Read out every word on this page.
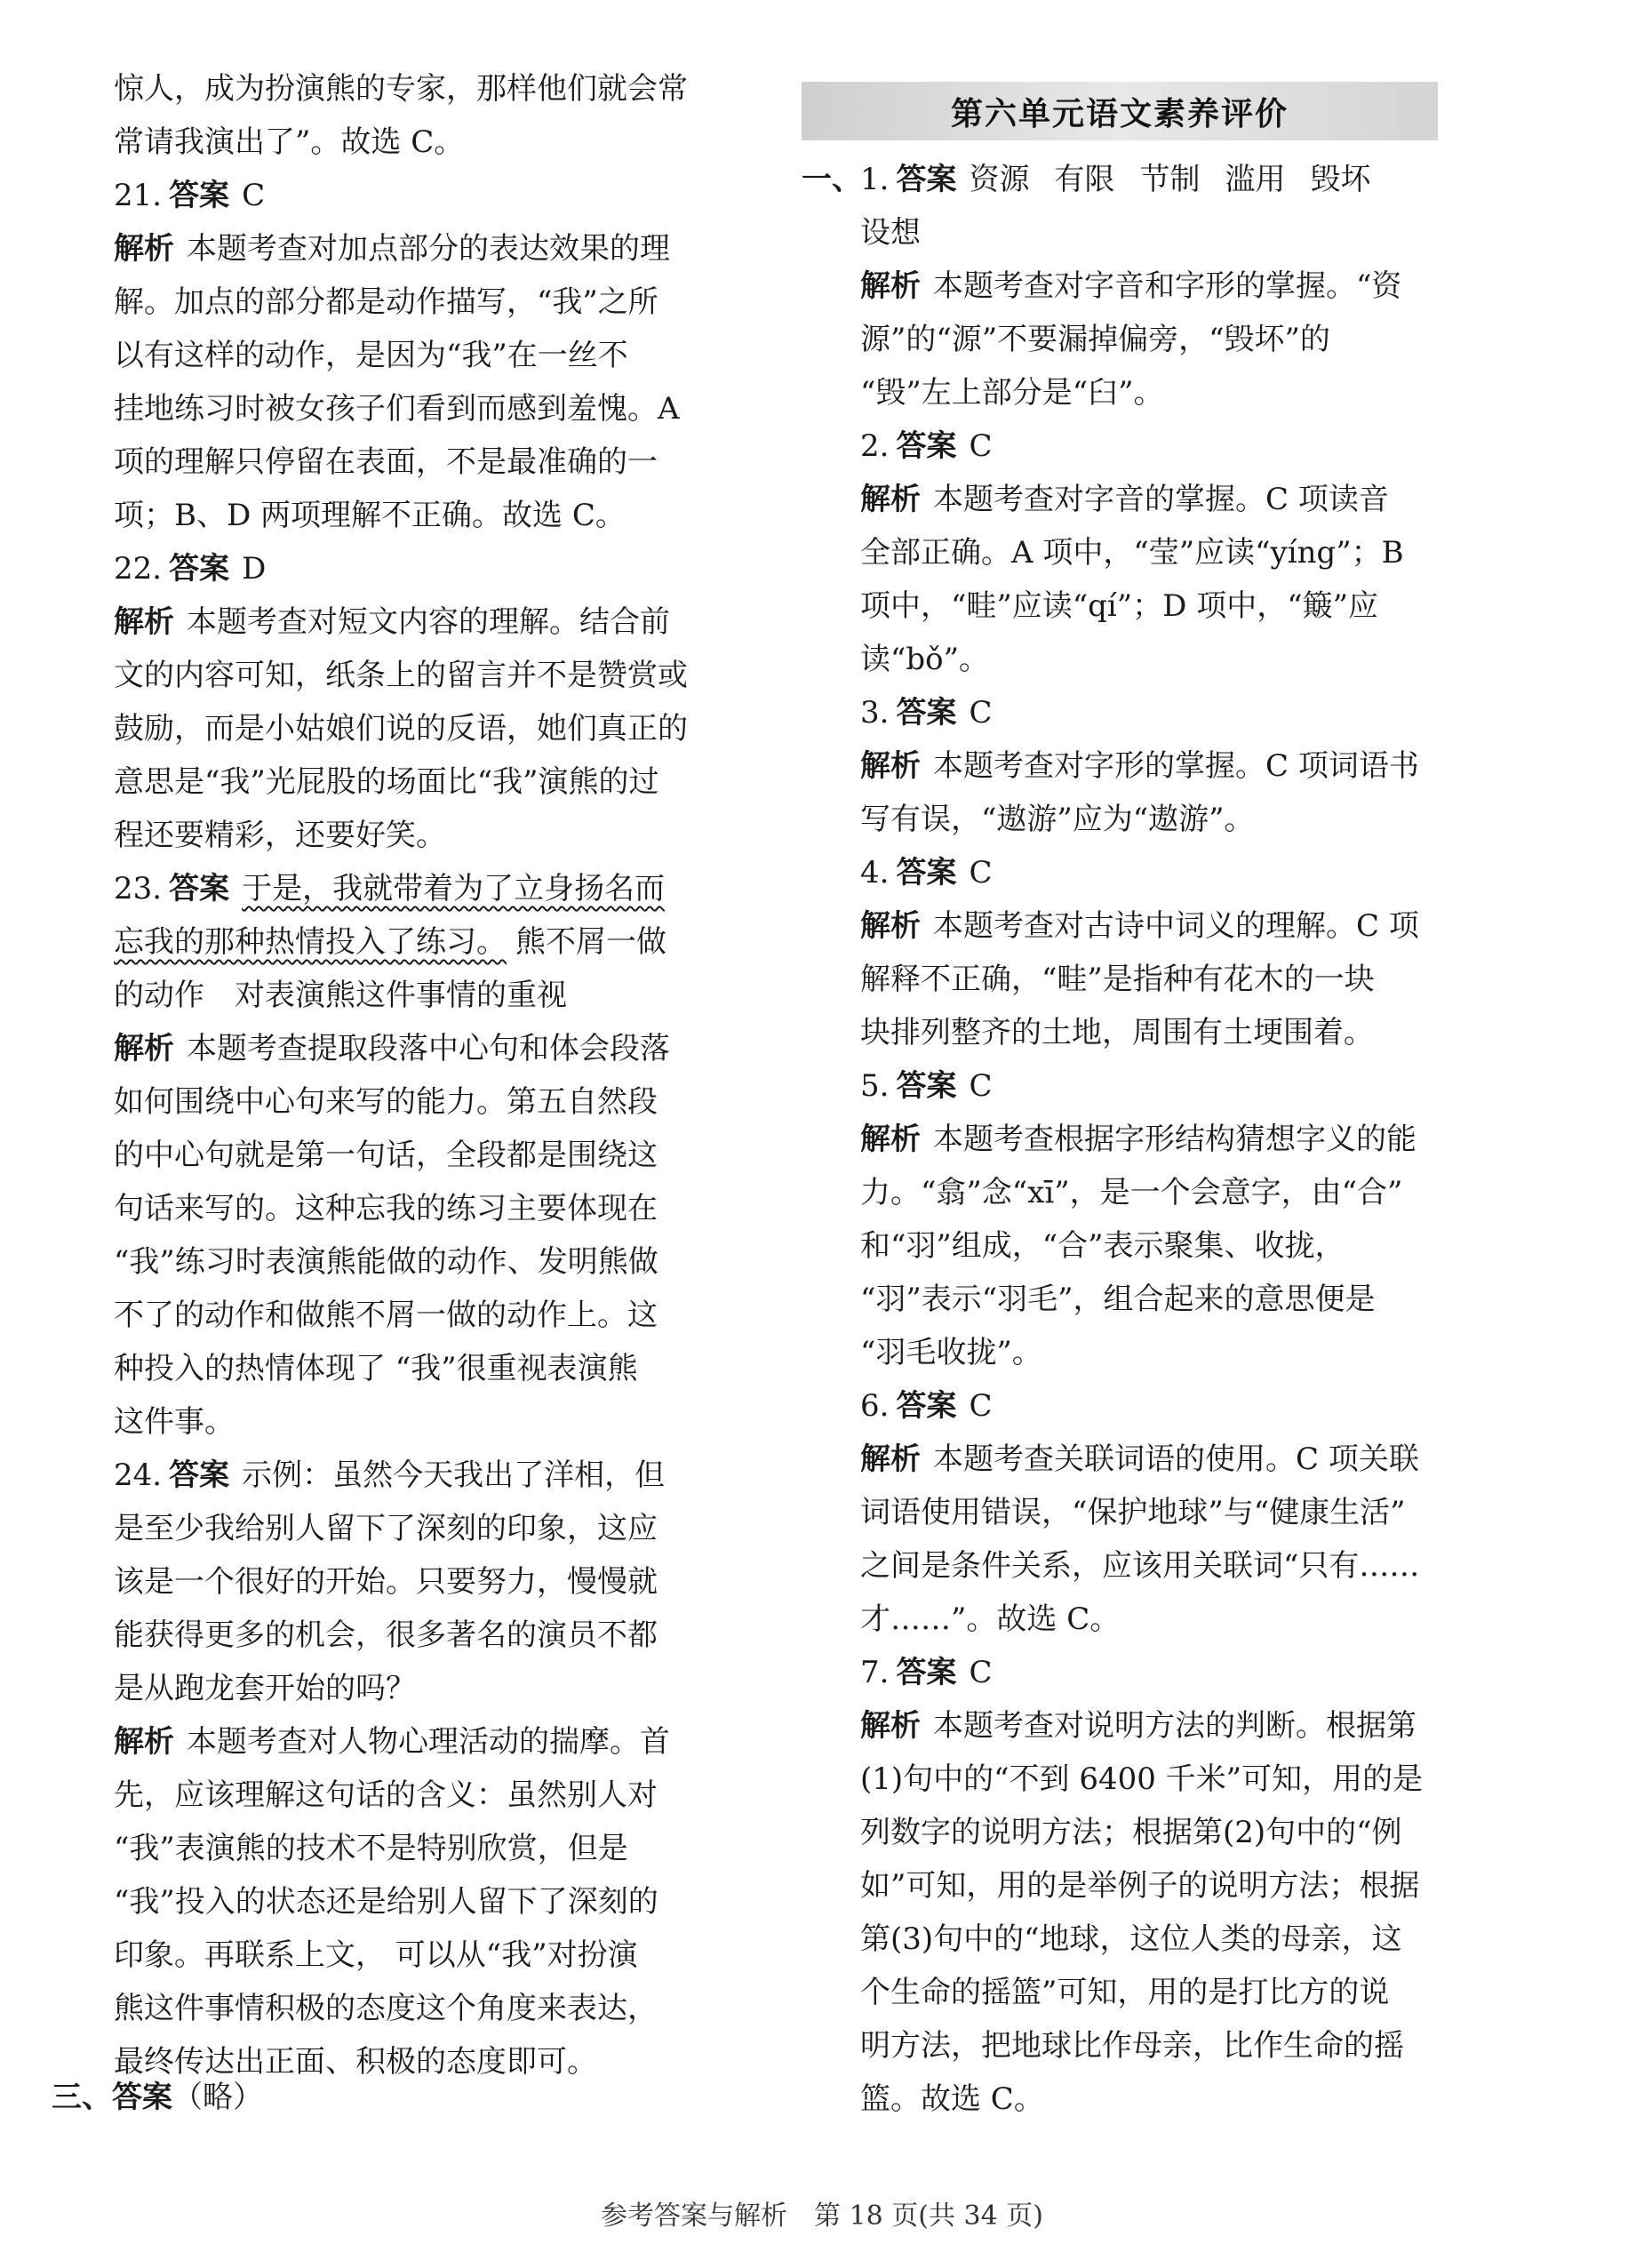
惊人，成为扮演熊的专家，那样他们就会常
常请我演出了”。故选 C。
21. 答案 C
解析 本题考查对加点部分的表达效果的理
解。加点的部分都是动作描写，“我”之所
以有这样的动作，是因为“我”在一丝不
挂地练习时被女孩子们看到而感到羞愧。A
项的理解只停留在表面，不是最准确的一
项；B、D 两项理解不正确。故选 C。
22. 答案 D
解析 本题考查对短文内容的理解。结合前
文的内容可知，纸条上的留言并不是赞赏或
鼓励，而是小姑娘们说的反语，她们真正的
意思是“我”光屁股的场面比“我”演熊的过
程还要精彩，还要好笑。
23. 答案 于是，我就带着为了立身扬名而
忘我的那种热情投入了练习。 熊不屑一做
的动作　对表演熊这件事情的重视
解析 本题考查提取段落中心句和体会段落
如何围绕中心句来写的能力。第五自然段
的中心句就是第一句话，全段都是围绕这
句话来写的。这种忘我的练习主要体现在
“我”练习时表演熊能做的动作、发明熊做
不了的动作和做熊不屑一做的动作上。这
种投入的热情体现了 “我”很重视表演熊
这件事。
24. 答案 示例：虽然今天我出了洋相，但
是至少我给别人留下了深刻的印象，这应
该是一个很好的开始。只要努力，慢慢就
能获得更多的机会，很多著名的演员不都
是从跑龙套开始的吗？
解析 本题考查对人物心理活动的揣摩。首
先，应该理解这句话的含义：虽然别人对
“我”表演熊的技术不是特别欣赏，但是
“我”投入的状态还是给别人留下了深刻的
印象。再联系上文， 可以从“我”对扮演
熊这件事情积极的态度这个角度来表达，
最终传达出正面、积极的态度即可。
三、答案（略）
第六单元语文素养评价
一、
1. 答案 资源 有限 节制 滥用 毁坏
设想
解析 本题考查对字音和字形的掌握。“资
源”的“源”不要漏掉偏旁，“毁坏”的
“毁”左上部分是“臼”。
2. 答案 C
解析 本题考查对字音的掌握。C 项读音
全部正确。A 项中，“莹”应读“yíng”；B
项中，“畦”应读“qí”；D 项中，“簸”应
读“bǒ”。
3. 答案 C
解析 本题考查对字形的掌握。C 项词语书
写有误，“遨游”应为“遨游”。
4. 答案 C
解析 本题考查对古诗中词义的理解。C 项
解释不正确，“畦”是指种有花木的一块
块排列整齐的土地，周围有土埂围着。
5. 答案 C
解析 本题考查根据字形结构猜想字义的能
力。“翕”念“xī”，是一个会意字，由“合”
和“羽”组成，“合”表示聚集、收拢，
“羽”表示“羽毛”，组合起来的意思便是
“羽毛收拢”。
6. 答案 C
解析 本题考查关联词语的使用。C 项关联
词语使用错误，“保护地球”与“健康生活”
之间是条件关系，应该用关联词“只有……
才……”。故选 C。
7. 答案 C
解析 本题考查对说明方法的判断。根据第
(1)句中的“不到 6400 千米”可知，用的是
列数字的说明方法；根据第(2)句中的“例
如”可知，用的是举例子的说明方法；根据
第(3)句中的“地球，这位人类的母亲，这
个生命的摇篮”可知，用的是打比方的说
明方法，把地球比作母亲，比作生命的摇
篮。故选 C。
参考答案与解析　第 18 页(共 34 页)
